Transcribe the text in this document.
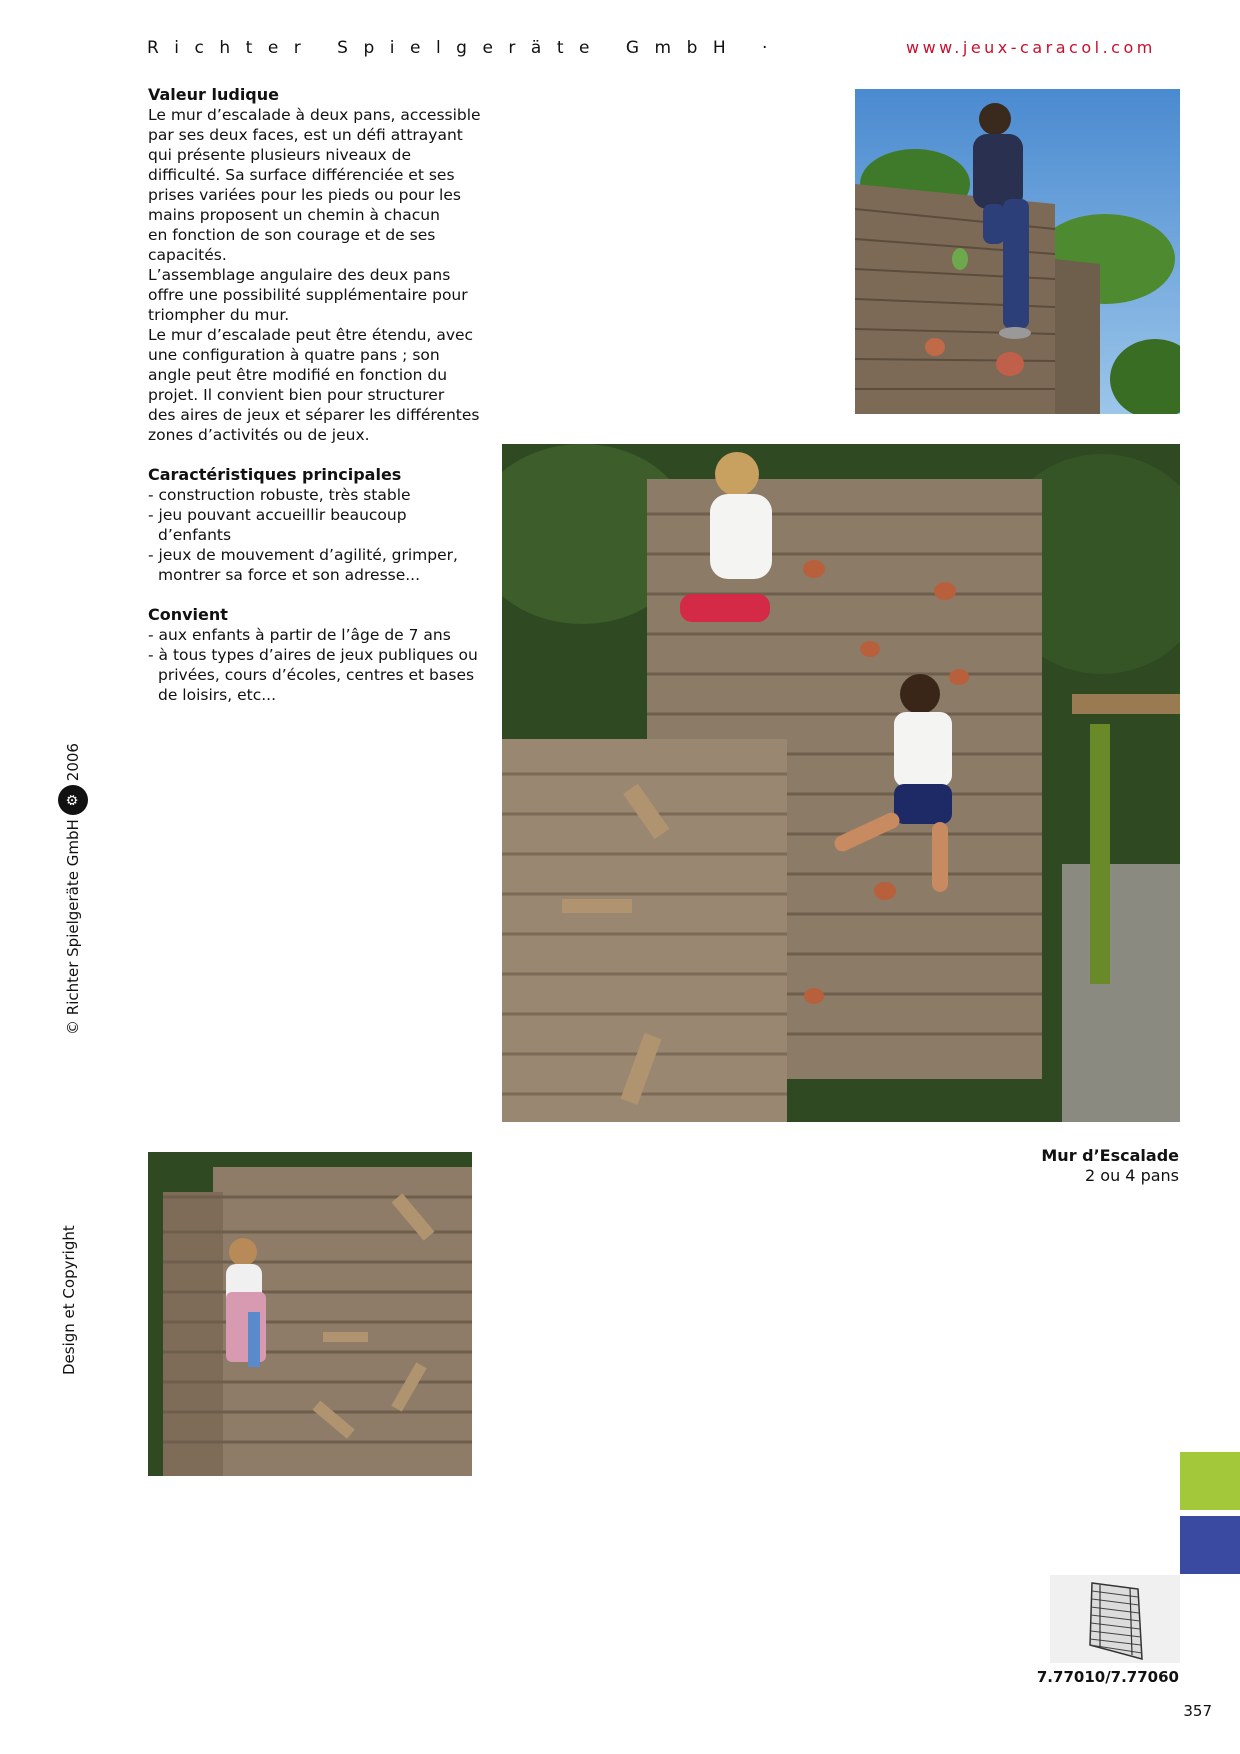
Richter Spielgeräte GmbH ·	www.jeux-caracol.com
Valeur ludique

Le mur d’escalade à deux pans, accessible
par ses deux faces, est un défi attrayant
qui présente plusieurs niveaux de
difficulté. Sa surface différenciée et ses
prises variées pour les pieds ou pour les
mains proposent un chemin à chacun
en fonction de son courage et de ses
capacités.
L’assemblage angulaire des deux pans
offre une possibilité supplémentaire pour
triompher du mur.
Le mur d’escalade peut être étendu, avec
une configuration à quatre pans ; son
angle peut être modifié en fonction du
projet. Il convient bien pour structurer
des aires de jeux et séparer les différentes
zones d’activités ou de jeux.

Caractéristiques principales
- construction robuste, très stable
- jeu pouvant accueillir beaucoup d’enfants
- jeux de mouvement d’agilité, grimper, montrer sa force et son adresse...
Convient
- aux enfants à partir de l’âge de 7 ans
- à tous types d’aires de jeux publiques ou privées, cours d’écoles, centres et bases de loisirs, etc...
© Richter Spielgeräte GmbH
⚙
2006
Design et Copyright
Mur d’Escalade
2 ou 4 pans
7.77010/7.77060
357
